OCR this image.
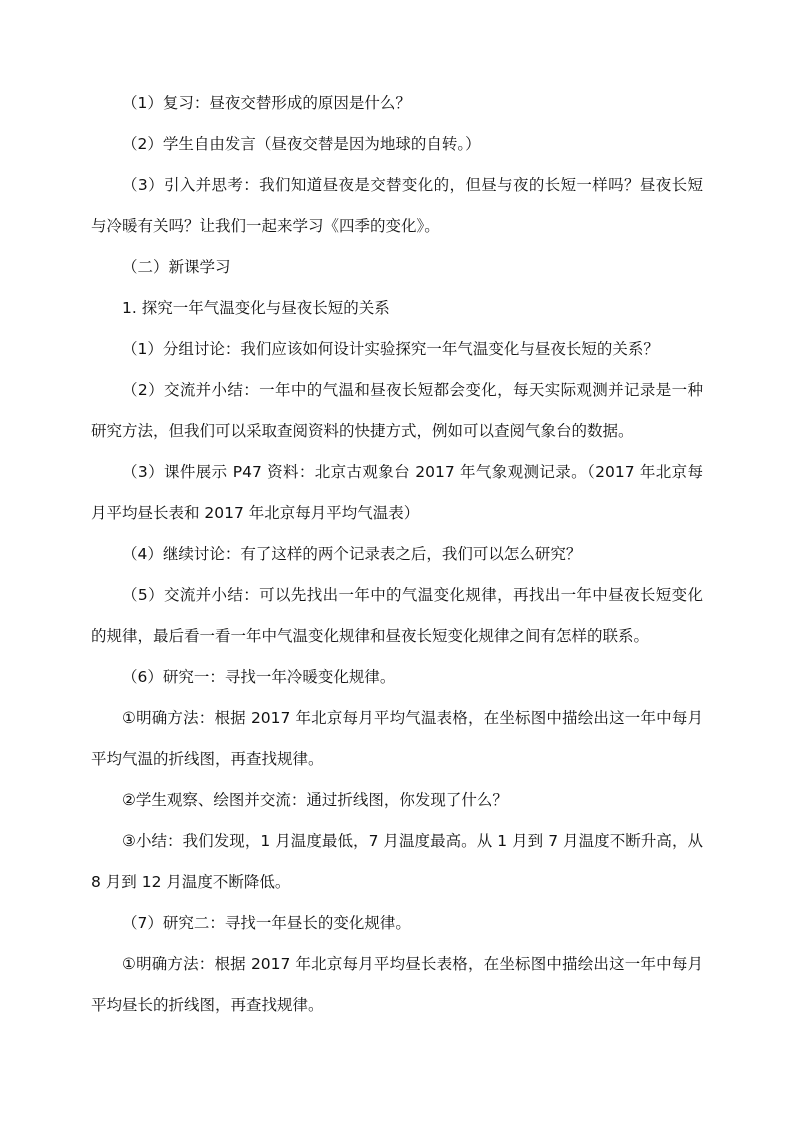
（1）复习：昼夜交替形成的原因是什么？

（2）学生自由发言（昼夜交替是因为地球的自转。）

（3）引入并思考：我们知道昼夜是交替变化的，但昼与夜的长短一样吗？昼夜长短与冷暖有关吗？让我们一起来学习《四季的变化》。

（二）新课学习

1. 探究一年气温变化与昼夜长短的关系

（1）分组讨论：我们应该如何设计实验探究一年气温变化与昼夜长短的关系？

（2）交流并小结：一年中的气温和昼夜长短都会变化，每天实际观测并记录是一种研究方法，但我们可以采取查阅资料的快捷方式，例如可以查阅气象台的数据。

（3）课件展示 P47 资料：北京古观象台 2017 年气象观测记录。（2017 年北京每月平均昼长表和 2017 年北京每月平均气温表）

（4）继续讨论：有了这样的两个记录表之后，我们可以怎么研究？

（5）交流并小结：可以先找出一年中的气温变化规律，再找出一年中昼夜长短变化的规律，最后看一看一年中气温变化规律和昼夜长短变化规律之间有怎样的联系。

（6）研究一：寻找一年冷暖变化规律。

①明确方法：根据 2017 年北京每月平均气温表格，在坐标图中描绘出这一年中每月平均气温的折线图，再查找规律。

②学生观察、绘图并交流：通过折线图，你发现了什么？

③小结：我们发现，1 月温度最低，7 月温度最高。从 1 月到 7 月温度不断升高，从 8 月到 12 月温度不断降低。

（7）研究二：寻找一年昼长的变化规律。

①明确方法：根据 2017 年北京每月平均昼长表格，在坐标图中描绘出这一年中每月平均昼长的折线图，再查找规律。
